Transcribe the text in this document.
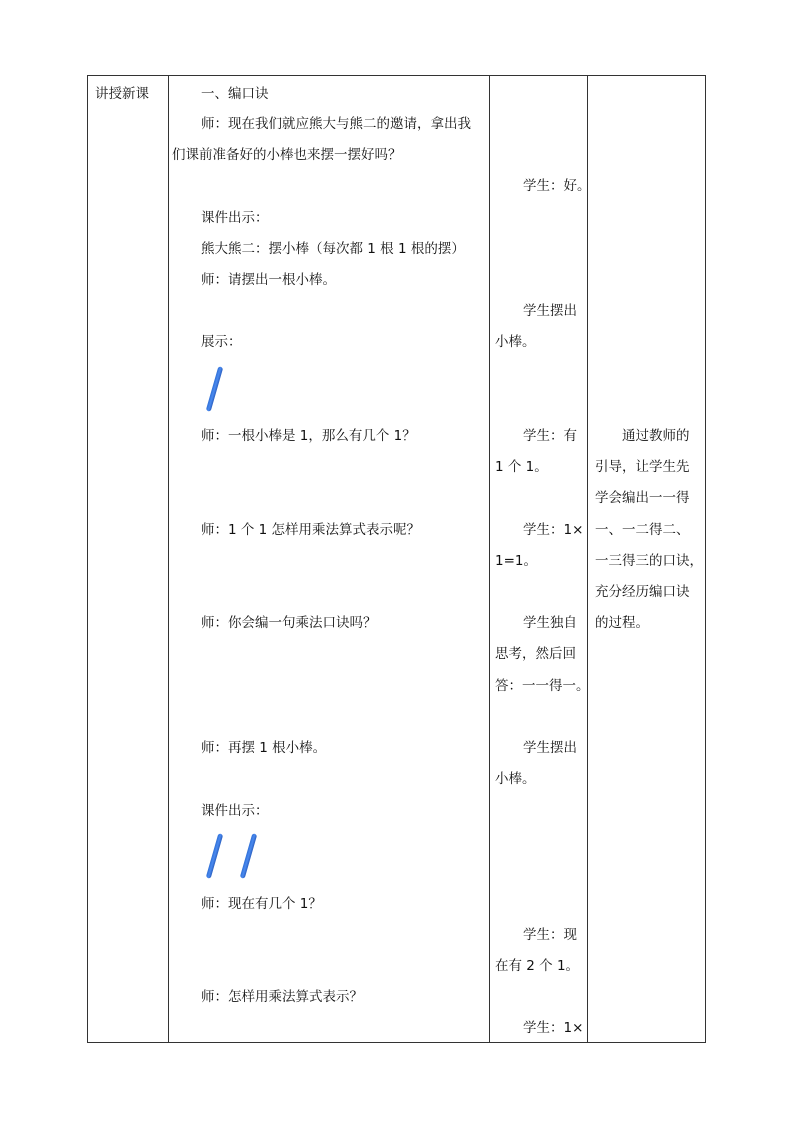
讲授新课	一、编口诀
师：现在我们就应熊大与熊二的邀请，拿出我
们课前准备好的小棒也来摆一摆好吗？
课件出示：
熊大熊二：摆小棒（每次都 1 根 1 根的摆）
师：请摆出一根小棒。
展示：
师：一根小棒是 1，那么有几个 1？
师：1 个 1 怎样用乘法算式表示呢？
师：你会编一句乘法口诀吗？
师：再摆 1 根小棒。
课件出示：
师：现在有几个 1？
师：怎样用乘法算式表示？
学生：好。
学生摆出
小棒。
学生：有
1 个 1。
学生：1×
1=1。
学生独自
思考，然后回
答：一一得一。
学生摆出
小棒。
学生：现
在有 2 个 1。
学生：1×
通过教师的
引导，让学生先
学会编出一一得
一、一二得二、
一三得三的口诀，
充分经历编口诀
的过程。
